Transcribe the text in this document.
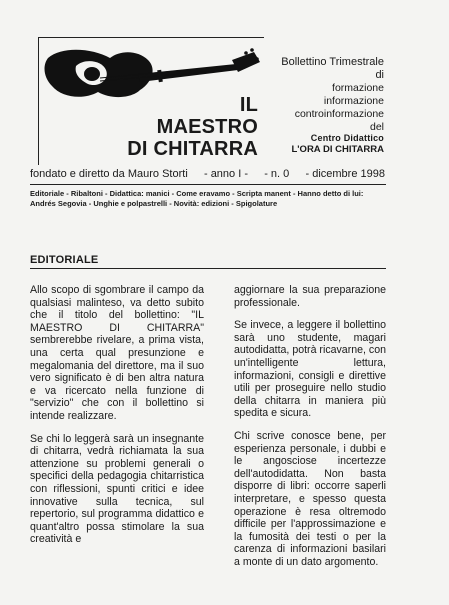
IL
MAESTRO
DI CHITARRA
Bollettino Trimestrale di
formazione
informazione
controinformazione
del
Centro Didattico
L'ORA DI CHITARRA
fondato e diretto da Mauro Storti - anno I - - n. 0 - dicembre 1998
Editoriale - Ribaltoni - Didattica: manici - Come eravamo - Scripta manent - Hanno detto di lui: Andrés Segovia - Unghie e polpastrelli - Novità: edizioni - Spigolature
EDITORIALE

Allo scopo di sgombrare il campo da qualsiasi malinteso, va detto subito che il titolo del bollettino: "IL MAESTRO DI CHITARRA" sembrerebbe rivelare, a prima vista, una certa qual presunzione e megalomania del direttore, ma il suo vero significato è di ben altra natura e va ricercato nella funzione di "servizio" che con il bollettino si intende realizzare.

Se chi lo leggerà sarà un insegnante di chitarra, vedrà richiamata la sua attenzione su problemi generali o specifici della pedagogia chitarristica con riflessioni, spunti critici e idee innovative sulla tecnica, sul repertorio, sul programma didattico e quant'altro possa stimolare la sua creatività e

aggiornare la sua preparazione professionale.

Se invece, a leggere il bollettino sarà uno studente, magari autodidatta, potrà ricavarne, con un'intelligente lettura, informazioni, consigli e direttive utili per proseguire nello studio della chitarra in maniera più spedita e sicura.

Chi scrive conosce bene, per esperienza personale, i dubbi e le angosciose incertezze dell'autodidatta. Non basta disporre di libri: occorre saperli interpretare, e spesso questa operazione è resa oltremodo difficile per l'approssimazione e la fumosità dei testi o per la carenza di informazioni basilari a monte di un dato argomento.
